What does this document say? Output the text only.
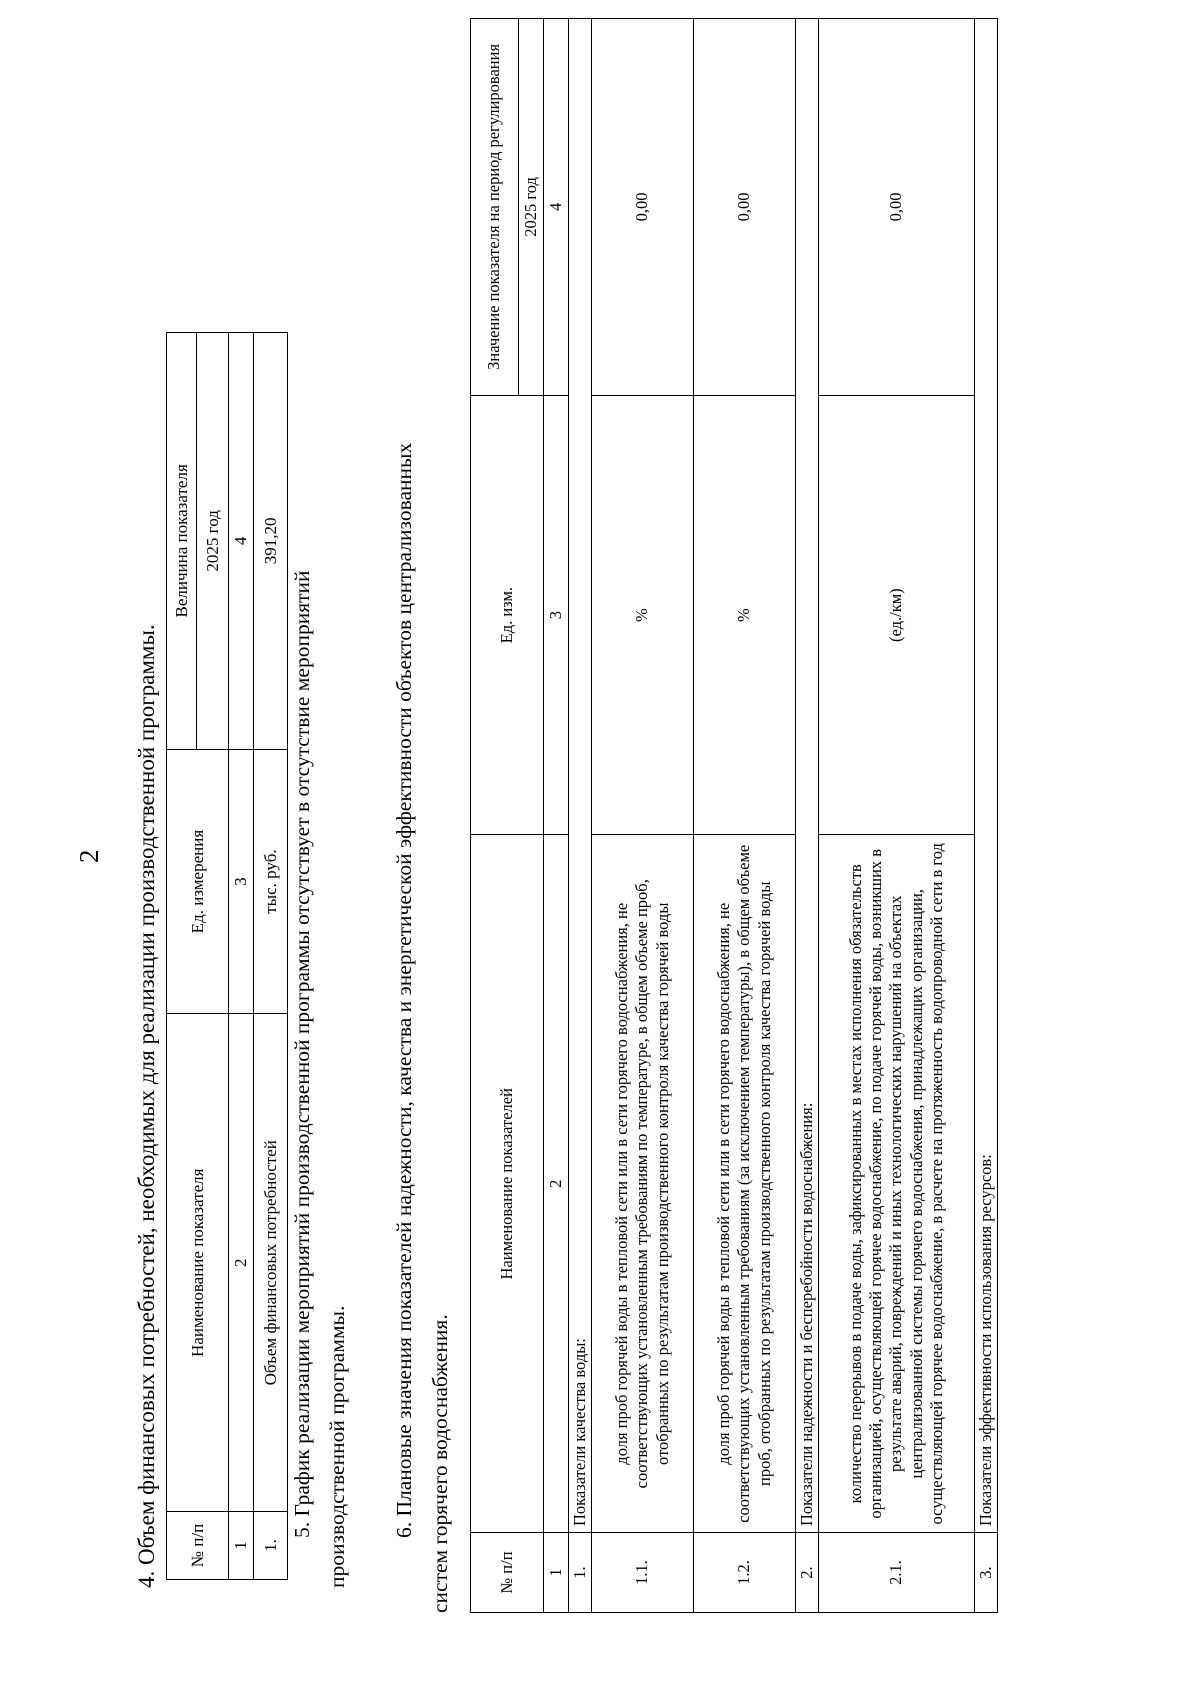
2 4. Объем финансовых потребностей, необходимых для реализации производственной программы. № п/п	Наименование показателя	Ед. измерения	Величина показателя
			2025 год
1	2	3	4
1.	Объем финансовых потребностей	тыс. руб.	391,20
5. График реализации мероприятий производственной программы отсутствует в отсутствие мероприятий производственной программы. 6. Плановые значения показателей надежности, качества и энергетической эффективности объектов централизованных систем горячего водоснабжения.	№ п/п	Наименование показателей	Ед. изм.	Значение показателя на период регулирования
			2025 год
1	2	3	4
1.	Показатели качества воды:		
1.1.	доля проб горячей воды в тепловой сети или в сети горячего водоснабжения, не соответствующих установленным требованиям по температуре, в общем объеме проб, отобранных по результатам производственного контроля качества горячей воды	%	0,00
1.2.	доля проб горячей воды в тепловой сети или в сети горячего водоснабжения, не соответствующих установленным требованиям (за исключением температуры), в общем объеме проб, отобранных по результатам производственного контроля качества горячей воды	%	0,00
2.	Показатели надежности и бесперебойности водоснабжения:		
2.1.	количество перерывов в подаче воды, зафиксированных в местах исполнения обязательств организацией, осуществляющей горячее водоснабжение, по подаче горячей воды, возникших в результате аварий, повреждений и иных технологических нарушений на объектах централизованной системы горячего водоснабжения, принадлежащих организации, осуществляющей горячее водоснабжение, в расчете на протяженность водопроводной сети в год	(ед./км)	0,00
3.	Показатели эффективности использования ресурсов:		
